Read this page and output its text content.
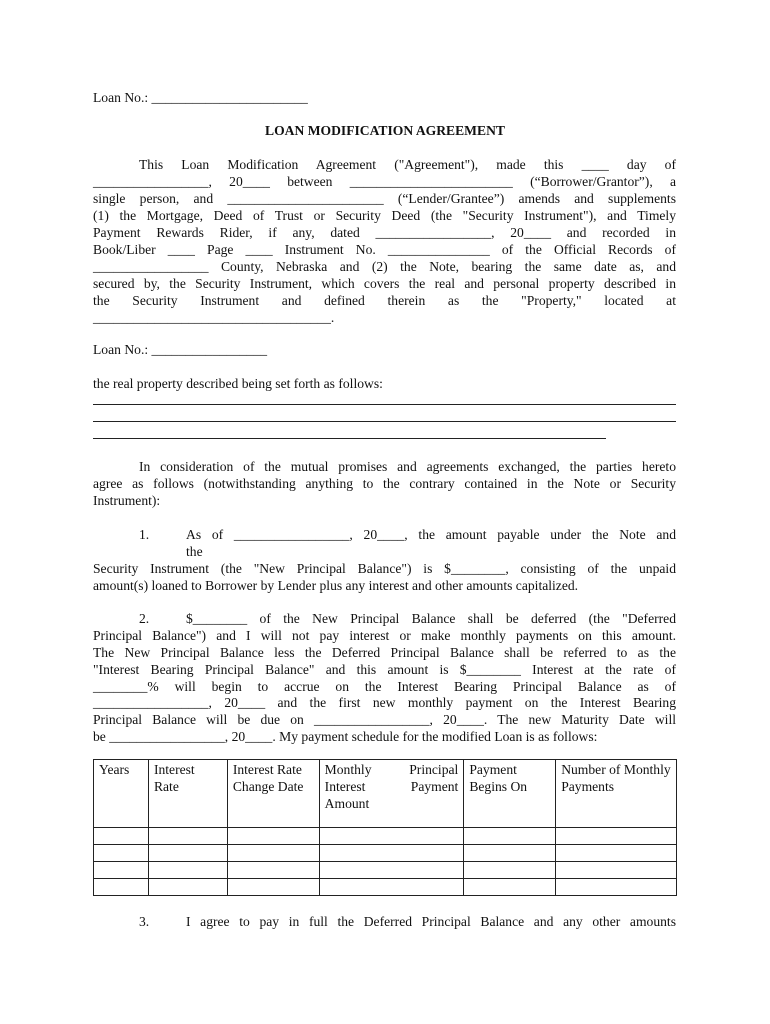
Loan No.: _______________________
LOAN MODIFICATION AGREEMENT
This Loan Modification Agreement ("Agreement"), made this ____ day of
_________________, 20____ between ________________________ (“Borrower/Grantor”), a
single person, and _______________________ (“Lender/Grantee”) amends and supplements
(1) the Mortgage, Deed of Trust or Security Deed (the "Security Instrument"), and Timely
Payment Rewards Rider, if any, dated _________________, 20____ and recorded in
Book/Liber ____ Page ____ Instrument No. _______________ of the Official Records of
_________________ County, Nebraska and (2) the Note, bearing the same date as, and
secured by, the Security Instrument, which covers the real and personal property described in
the Security Instrument and defined therein as the "Property," located at
___________________________________.
Loan No.: _________________
the real property described being set forth as follows:
In consideration of the mutual promises and agreements exchanged, the parties hereto
agree as follows (notwithstanding anything to the contrary contained in the Note or Security
Instrument):
1.	As of _________________, 20____, the amount payable under the Note and
the
Security Instrument (the "New Principal Balance") is $________, consisting of the unpaid
amount(s) loaned to Borrower by Lender plus any interest and other amounts capitalized.
2.	$________ of the New Principal Balance shall be deferred (the "Deferred
Principal Balance") and I will not pay interest or make monthly payments on this amount.
The New Principal Balance less the Deferred Principal Balance shall be referred to as the
"Interest Bearing Principal Balance" and this amount is $________ Interest at the rate of
________% will begin to accrue on the Interest Bearing Principal Balance as of
_________________, 20____ and the first new monthly payment on the Interest Bearing
Principal Balance will be due on _________________, 20____. The new Maturity Date will
be _________________, 20____. My payment schedule for the modified Loan is as follows:
Years	Interest Rate	Interest Rate Change Date	Monthly Principal Interest Payment Amount	Payment Begins On	Number of Monthly Payments

3.	I agree to pay in full the Deferred Principal Balance and any other amounts
